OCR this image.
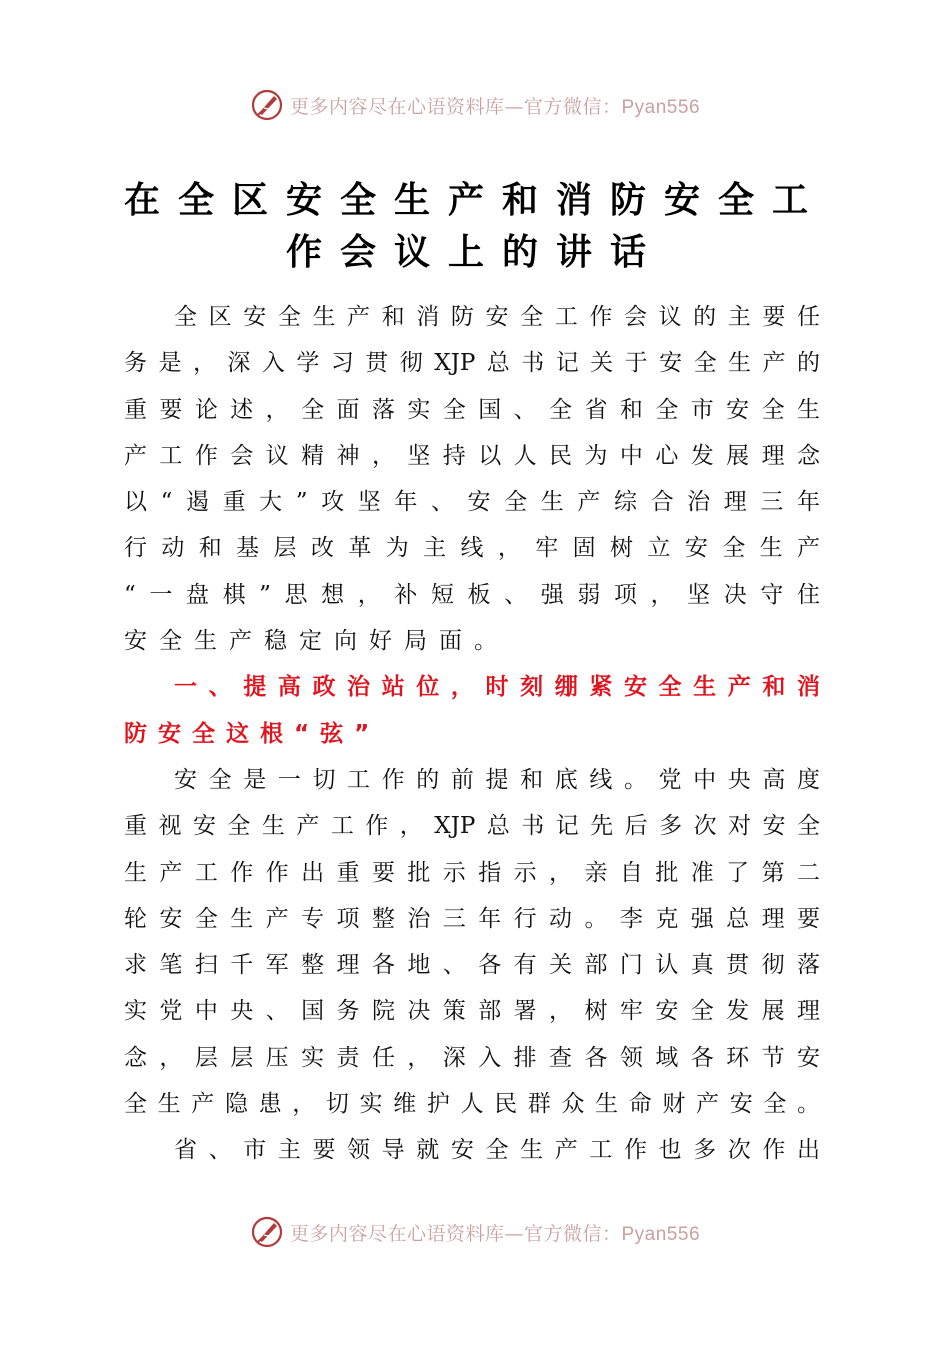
更多内容尽在心语资料库—官方微信：Pyan556
在全区安全生产和消防安全工
作会议上的讲话
全区安全生产和消防安全工作会议的主要任
务是，深入学习贯彻XJP总书记关于安全生产的
重要论述，全面落实全国、全省和全市安全生
产工作会议精神，坚持以人民为中心发展理念
以“遏重大”攻坚年、安全生产综合治理三年
行动和基层改革为主线，牢固树立安全生产
“一盘棋”思想，补短板、强弱项，坚决守住
安全生产稳定向好局面。
一、提高政治站位，时刻绷紧安全生产和消
防安全这根“弦”
安全是一切工作的前提和底线。党中央高度
重视安全生产工作，XJP总书记先后多次对安全
生产工作作出重要批示指示，亲自批准了第二
轮安全生产专项整治三年行动。李克强总理要
求笔扫千军整理各地、各有关部门认真贯彻落
实党中央、国务院决策部署，树牢安全发展理
念，层层压实责任，深入排查各领域各环节安
全生产隐患，切实维护人民群众生命财产安全。
省、市主要领导就安全生产工作也多次作出
更多内容尽在心语资料库—官方微信：Pyan556
